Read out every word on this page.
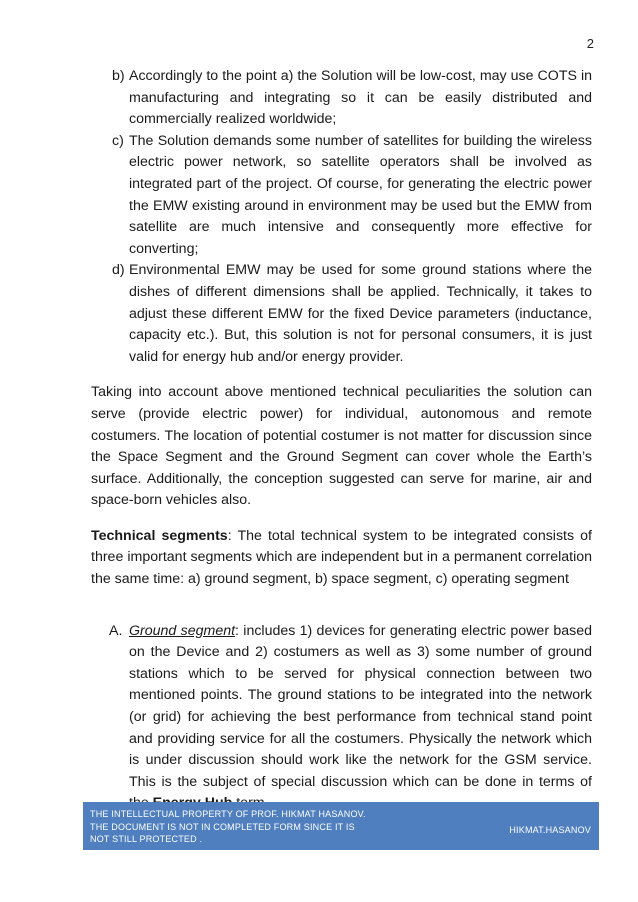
2

b) Accordingly to the point a) the Solution will be low-cost, may use COTS in manufacturing and integrating so it can be easily distributed and commercially realized worldwide;

c) The Solution demands some number of satellites for building the wireless electric power network, so satellite operators shall be involved as integrated part of the project. Of course, for generating the electric power the EMW existing around in environment may be used but the EMW from satellite are much intensive and consequently more effective for converting;

d) Environmental EMW may be used for some ground stations where the dishes of different dimensions shall be applied. Technically, it takes to adjust these different EMW for the fixed Device parameters (inductance, capacity etc.). But, this solution is not for personal consumers, it is just valid for energy hub and/or energy provider.

Taking into account above mentioned technical peculiarities the solution can serve (provide electric power) for individual, autonomous and remote costumers. The location of potential costumer is not matter for discussion since the Space Segment and the Ground Segment can cover whole the Earth’s surface. Additionally, the conception suggested can serve for marine, air and space-born vehicles also.

Technical segments: The total technical system to be integrated consists of three important segments which are independent but in a permanent correlation the same time: a) ground segment, b) space segment, c) operating segment

A. Ground segment: includes 1) devices for generating electric power based on the Device and 2) costumers as well as 3) some number of ground stations which to be served for physical connection between two mentioned points. The ground stations to be integrated into the network (or grid) for achieving the best performance from technical stand point and providing service for all the costumers. Physically the network which is under discussion should work like the network for the GSM service. This is the subject of special discussion which can be done in terms of

THE INTELLECTUAL PROPERTY OF PROF. HIKMAT HASANOV.
THE DOCUMENT IS NOT IN COMPLETED FORM SINCE IT IS
NOT STILL PROTECTED .
HIKMAT.HASANOV
